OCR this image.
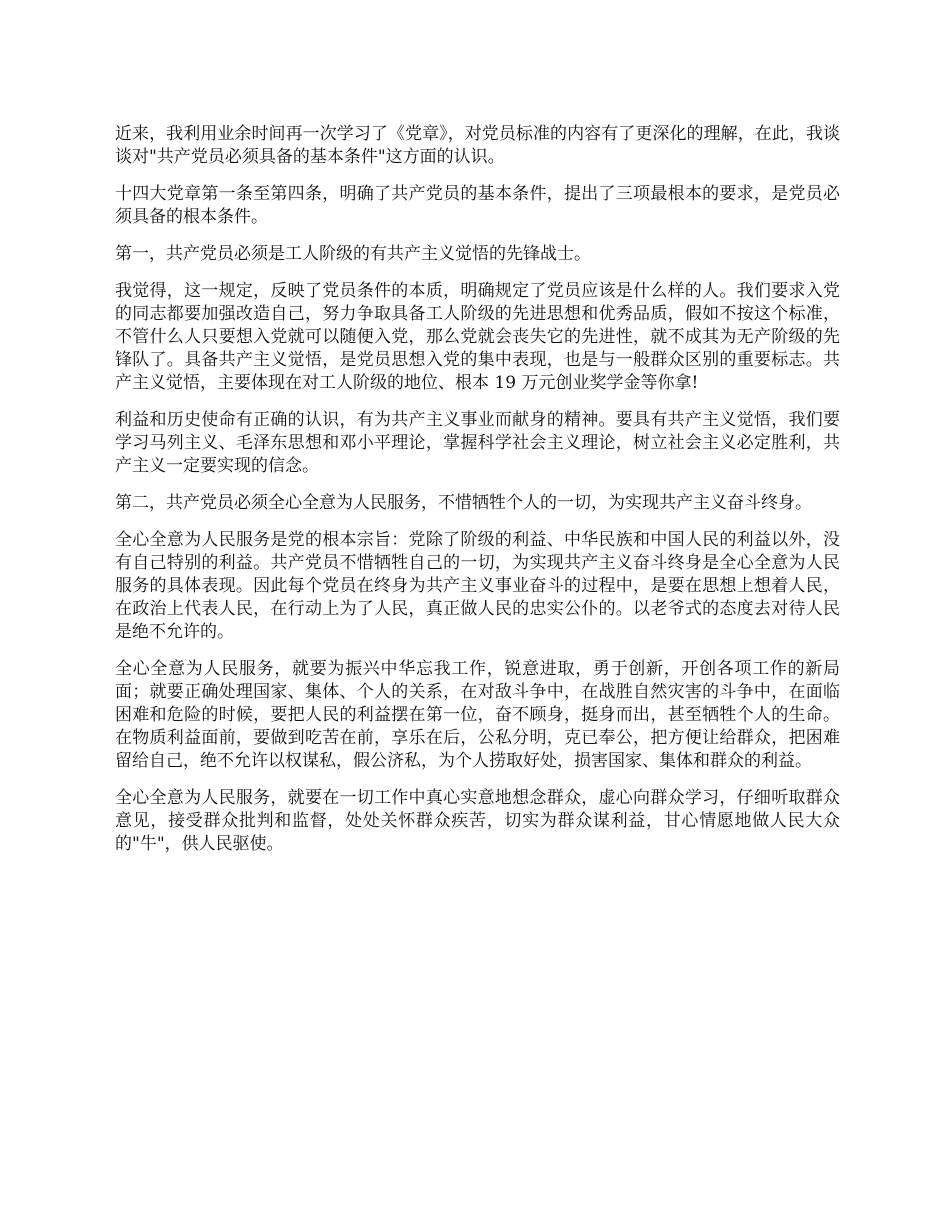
近来，我利用业余时间再一次学习了《党章》，对党员标准的内容有了更深化的理解，在此，我谈谈对"共产党员必须具备的基本条件"这方面的认识。

十四大党章第一条至第四条，明确了共产党员的基本条件，提出了三项最根本的要求，是党员必须具备的根本条件。

第一，共产党员必须是工人阶级的有共产主义觉悟的先锋战士。

我觉得，这一规定，反映了党员条件的本质，明确规定了党员应该是什么样的人。我们要求入党的同志都要加强改造自己，努力争取具备工人阶级的先进思想和优秀品质，假如不按这个标准，不管什么人只要想入党就可以随便入党，那么党就会丧失它的先进性，就不成其为无产阶级的先锋队了。具备共产主义觉悟，是党员思想入党的集中表现，也是与一般群众区别的重要标志。共产主义觉悟，主要体现在对工人阶级的地位、根本 19 万元创业奖学金等你拿!

利益和历史使命有正确的认识，有为共产主义事业而献身的精神。要具有共产主义觉悟，我们要学习马列主义、毛泽东思想和邓小平理论，掌握科学社会主义理论，树立社会主义必定胜利，共产主义一定要实现的信念。

第二，共产党员必须全心全意为人民服务，不惜牺牲个人的一切，为实现共产主义奋斗终身。

全心全意为人民服务是党的根本宗旨：党除了阶级的利益、中华民族和中国人民的利益以外，没有自己特别的利益。共产党员不惜牺牲自己的一切，为实现共产主义奋斗终身是全心全意为人民服务的具体表现。因此每个党员在终身为共产主义事业奋斗的过程中，是要在思想上想着人民，在政治上代表人民，在行动上为了人民，真正做人民的忠实公仆的。以老爷式的态度去对待人民是绝不允许的。

全心全意为人民服务，就要为振兴中华忘我工作，锐意进取，勇于创新，开创各项工作的新局面；就要正确处理国家、集体、个人的关系，在对敌斗争中，在战胜自然灾害的斗争中，在面临困难和危险的时候，要把人民的利益摆在第一位，奋不顾身，挺身而出，甚至牺牲个人的生命。在物质利益面前，要做到吃苦在前，享乐在后，公私分明，克已奉公，把方便让给群众，把困难留给自己，绝不允许以权谋私，假公济私，为个人捞取好处，损害国家、集体和群众的利益。

全心全意为人民服务，就要在一切工作中真心实意地想念群众，虚心向群众学习，仔细听取群众意见，接受群众批判和监督，处处关怀群众疾苦，切实为群众谋利益，甘心情愿地做人民大众的"牛"，供人民驱使。
